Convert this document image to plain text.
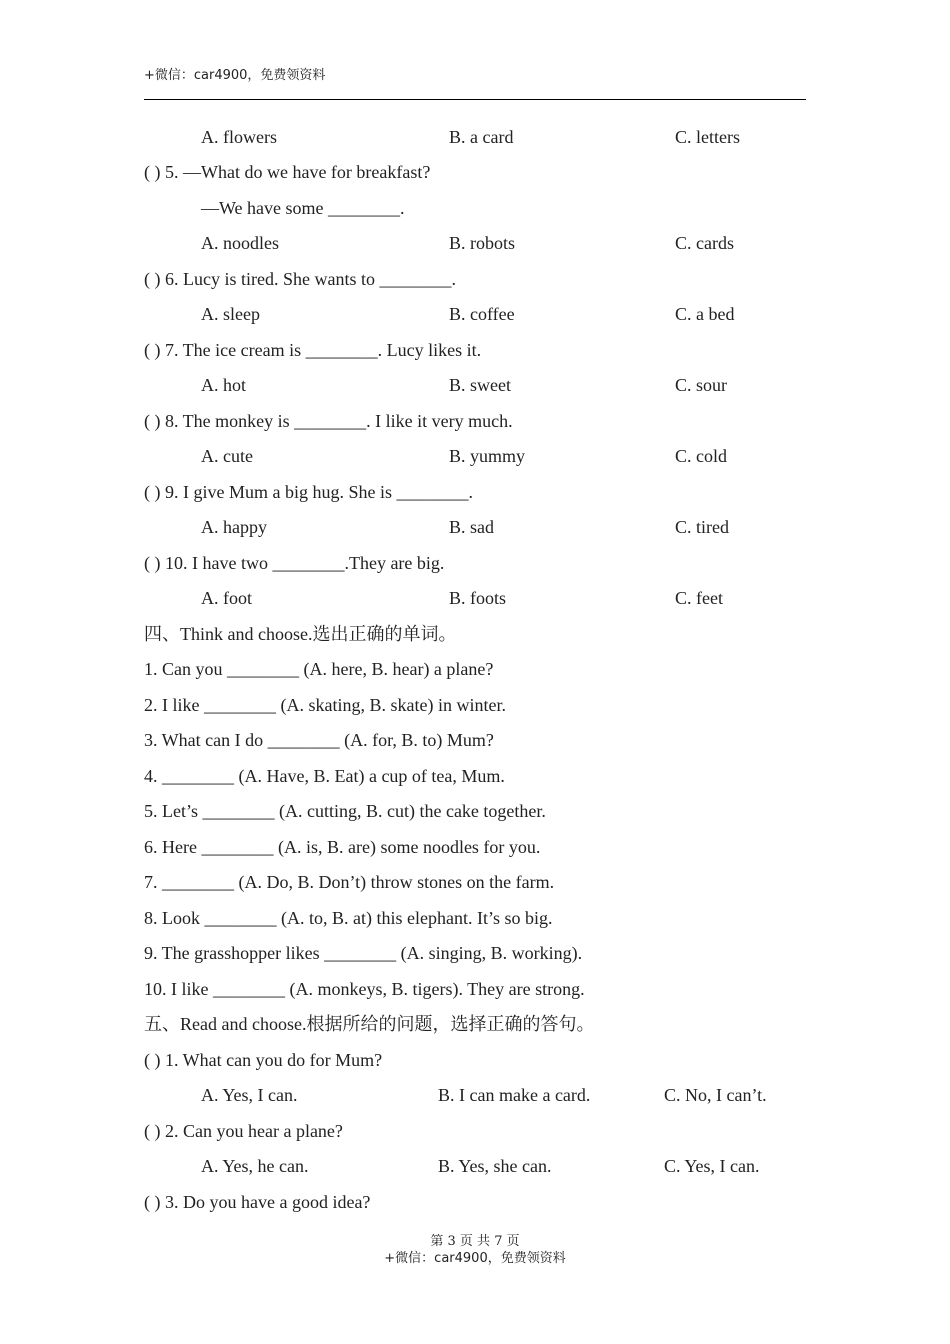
+微信：car4900，免费领资料
A. flowers	B. a card	C. letters
( ) 5. —What do we have for breakfast?
—We have some ________.
A. noodles	B. robots	C. cards
( ) 6. Lucy is tired. She wants to ________.
A. sleep	B. coffee	C. a bed
( ) 7. The ice cream is ________. Lucy likes it.
A. hot	B. sweet	C. sour
( ) 8. The monkey is ________. I like it very much.
A. cute	B. yummy	C. cold
( ) 9. I give Mum a big hug. She is ________.
A. happy	B. sad	C. tired
( ) 10. I have two ________.They are big.
A. foot	B. foots	C. feet
四、Think and choose.选出正确的单词。
1. Can you ________ (A. here, B. hear) a plane?
2. I like ________ (A. skating, B. skate) in winter.
3. What can I do ________ (A. for, B. to) Mum?
4. ________ (A. Have, B. Eat) a cup of tea, Mum.
5. Let’s ________ (A. cutting, B. cut) the cake together.
6. Here ________ (A. is, B. are) some noodles for you.
7. ________ (A. Do, B. Don’t) throw stones on the farm.
8. Look ________ (A. to, B. at) this elephant. It’s so big.
9. The grasshopper likes ________ (A. singing, B. working).
10. I like ________ (A. monkeys, B. tigers). They are strong.
五、Read and choose.根据所给的问题，选择正确的答句。
( ) 1. What can you do for Mum?
A. Yes, I can.	B. I can make a card.	C. No, I can’t.
( ) 2. Can you hear a plane?
A. Yes, he can.	B. Yes, she can.	C. Yes, I can.
( ) 3. Do you have a good idea?
第 3 页 共 7 页
+微信：car4900，免费领资料
